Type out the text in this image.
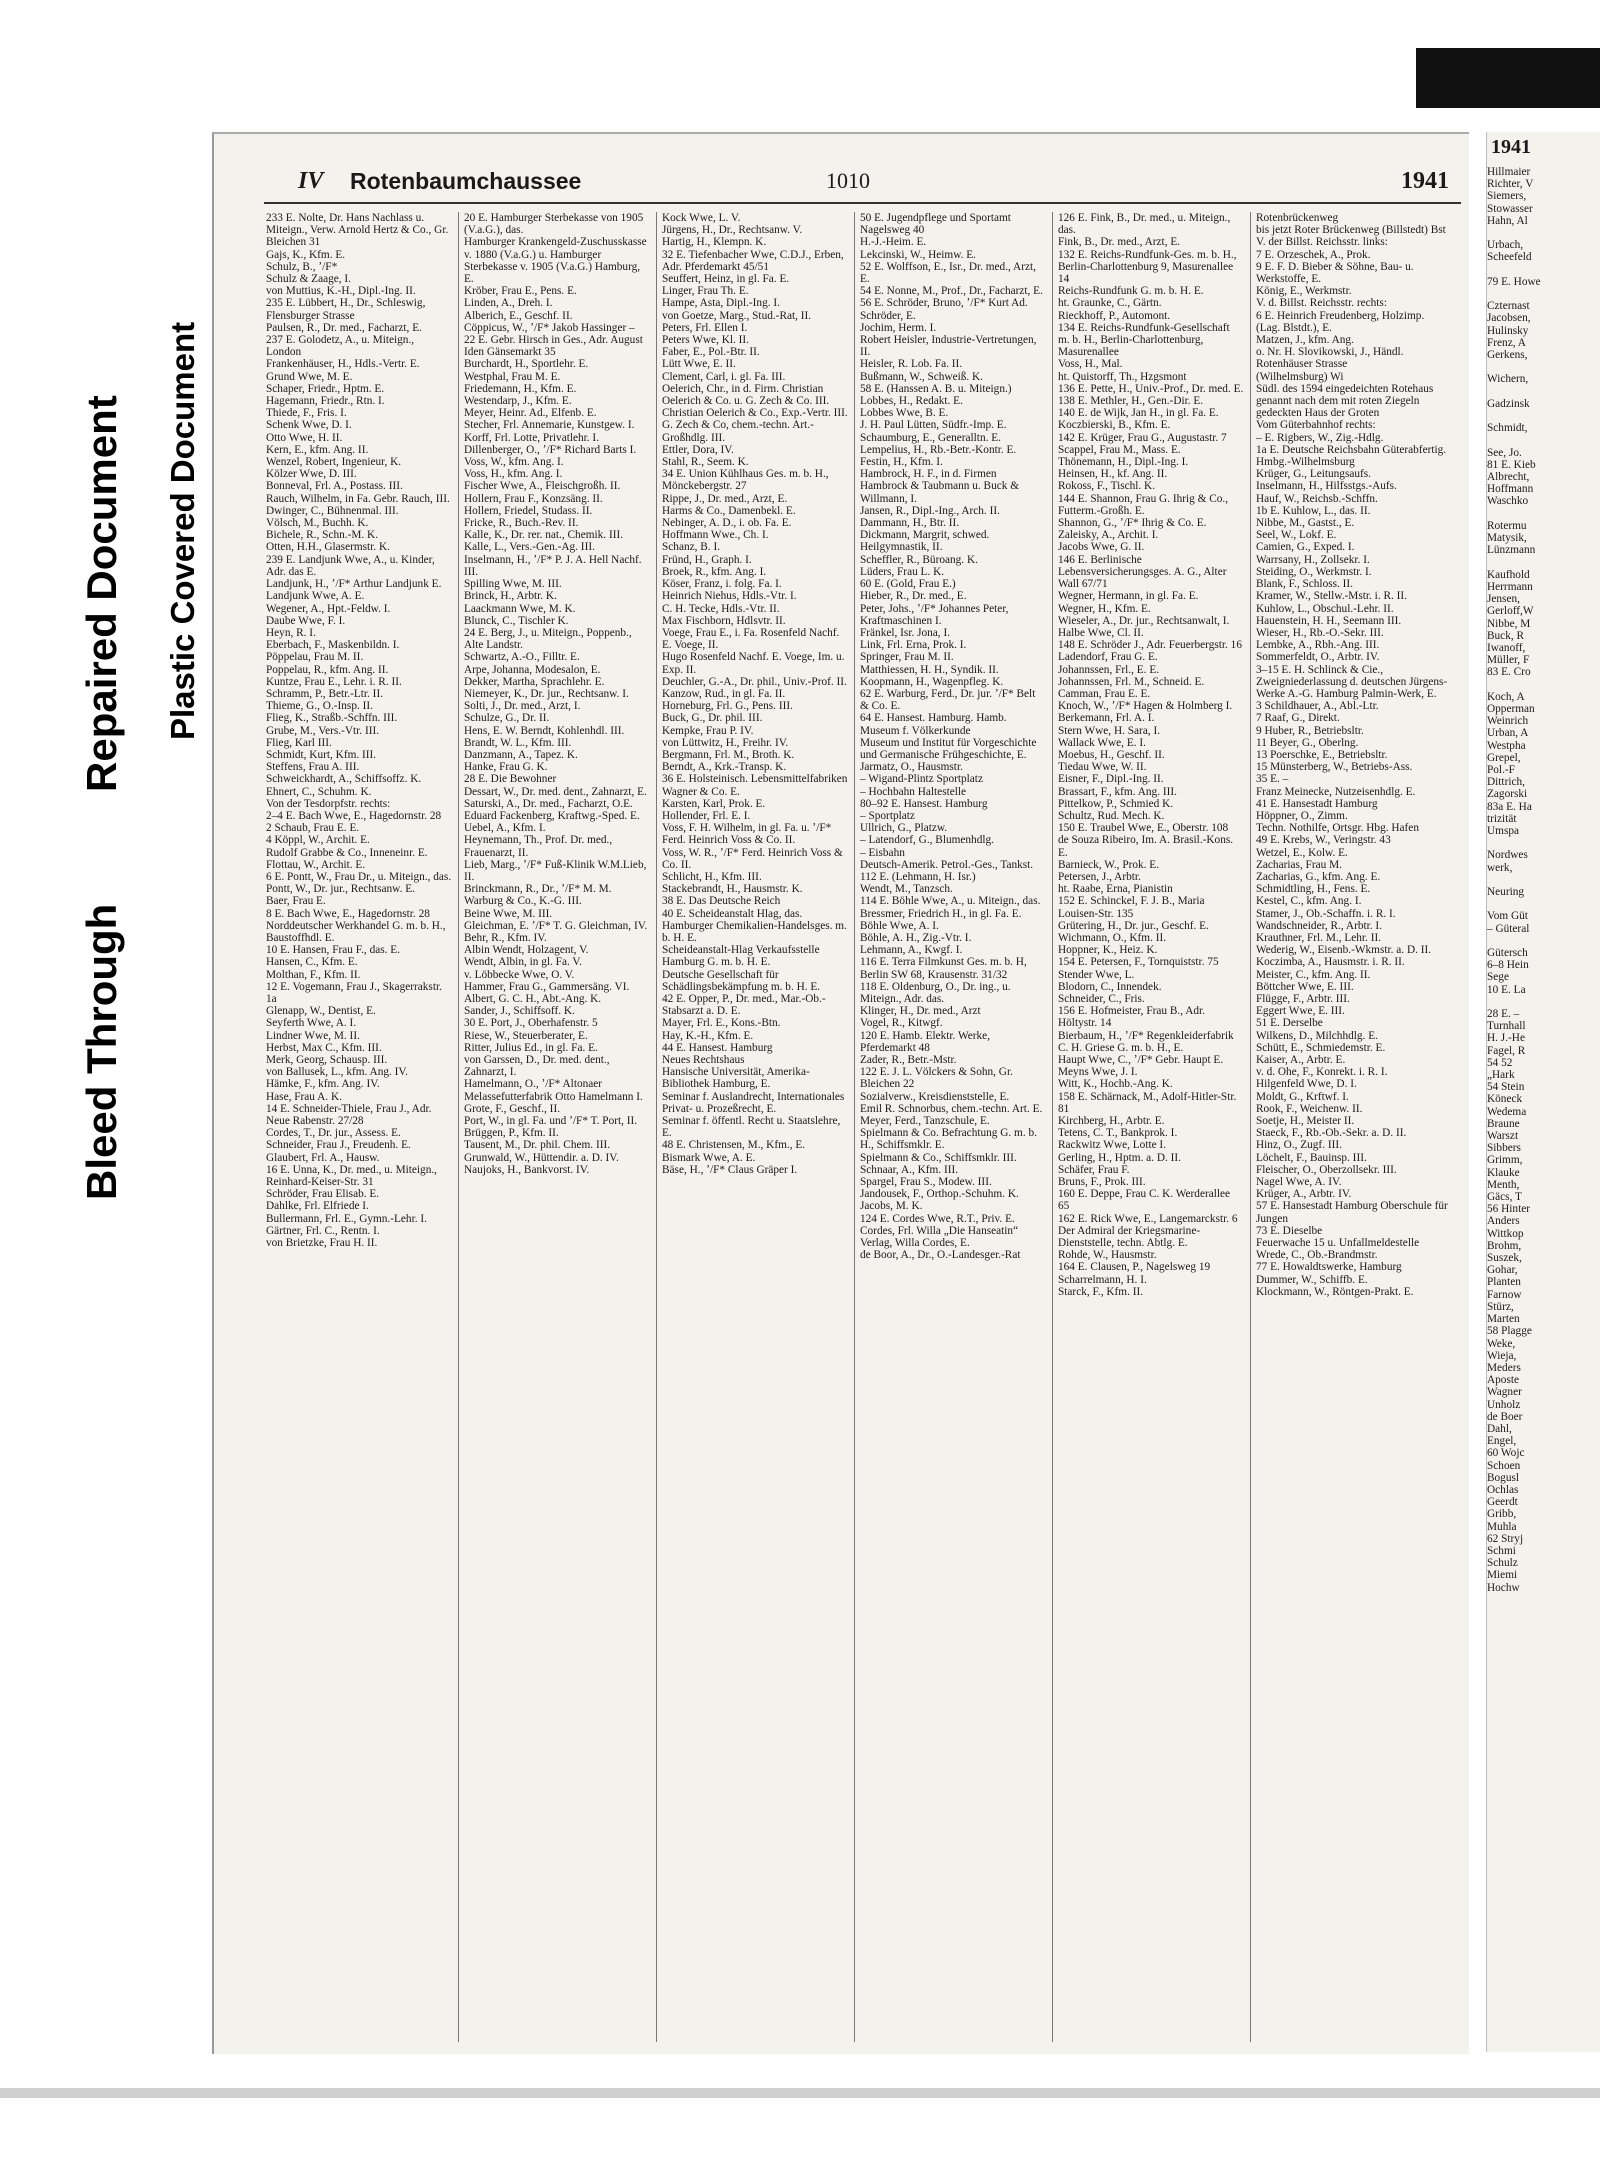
Bleed Through
Repaired Document Plastic Covered Document
IV Rotenbaumchaussee	1010	1941
233 E. Nolte, Dr. Hans Nachlass u. Miteign., Verw. Arnold Hertz & Co., Gr. Bleichen 31
Gajs, K., Kfm. E.
Schulz, B., ʼ/F*
Schulz & Zaage, I.
von Muttius, K.-H., Dipl.-Ing. II.
235 E. Lübbert, H., Dr., Schleswig, Flensburger Strasse
Paulsen, R., Dr. med., Facharzt, E.
237 E. Golodetz, A., u. Miteign., London
Frankenhäuser, H., Hdls.-Vertr. E.
Grund Wwe, M. E.
Schaper, Friedr., Hptm. E.
Hagemann, Friedr., Rtn. I.
Thiede, F., Fris. I.
Schenk Wwe, D. I.
Otto Wwe, H. II.
Kern, E., kfm. Ang. II.
Wenzel, Robert, Ingenieur, K.
Kölzer Wwe, D. III.
Bonneval, Frl. A., Postass. III.
Rauch, Wilhelm, in Fa. Gebr. Rauch, III.
Dwinger, C., Bühnenmal. III.
Völsch, M., Buchh. K.
Bichele, R., Schn.-M. K.
Otten, H.H., Glasermstr. K.
239 E. Landjunk Wwe, A., u. Kinder, Adr. das E.
Landjunk, H., ʼ/F* Arthur Landjunk E.
Landjunk Wwe, A. E.
Wegener, A., Hpt.-Feldw. I.
Daube Wwe, F. I.
Heyn, R. I.
Eberbach, F., Maskenbildn. I.
Pöppelau, Frau M. II.
Poppelau, R., kfm. Ang. II.
Kuntze, Frau E., Lehr. i. R. II.
Schramm, P., Betr.-Ltr. II.
Thieme, G., O.-Insp. II.
Flieg, K., Straßb.-Schffn. III.
Grube, M., Vers.-Vtr. III.
Flieg, Karl III.
Schmidt, Kurt, Kfm. III.
Steffens, Frau A. III.
Schweickhardt, A., Schiffsoffz. K.
Ehnert, C., Schuhm. K.
Von der Tesdorpfstr. rechts:
2–4 E. Bach Wwe, E., Hagedornstr. 28
2 Schaub, Frau E. E.
4 Köppl, W., Archit. E.
Rudolf Grabbe & Co., Inneneinr. E.
Flottau, W., Archit. E.
6 E. Pontt, W., Frau Dr., u. Miteign., das.
Pontt, W., Dr. jur., Rechtsanw. E.
Baer, Frau E.
8 E. Bach Wwe, E., Hagedornstr. 28
Norddeutscher Werkhandel G. m. b. H., Baustoffhdl. E.
10 E. Hansen, Frau F., das. E.
Hansen, C., Kfm. E.
Molthan, F., Kfm. II.
12 E. Vogemann, Frau J., Skagerrakstr. 1a
Glenapp, W., Dentist, E.
Seyferth Wwe, A. I.
Lindner Wwe, M. II.
Herbst, Max C., Kfm. III.
Merk, Georg, Schausp. III.
von Ballusek, L., kfm. Ang. IV.
Hämke, F., kfm. Ang. IV.
Hase, Frau A. K.
14 E. Schneider-Thiele, Frau J., Adr. Neue Rabenstr. 27/28
Cordes, T., Dr. jur., Assess. E.
Schneider, Frau J., Freudenh. E.
Glaubert, Frl. A., Hausw.
16 E. Unna, K., Dr. med., u. Miteign., Reinhard-Keiser-Str. 31
Schröder, Frau Elisab. E.
Dahlke, Frl. Elfriede I.
Bullermann, Frl. E., Gymn.-Lehr. I.
Gärtner, Frl. C., Rentn. I.
von Brietzke, Frau H. II.
20 E. Hamburger Sterbekasse von 1905 (V.a.G.), das.
Hamburger Krankengeld-Zuschusskasse v. 1880 (V.a.G.) u. Hamburger Sterbekasse v. 1905 (V.a.G.) Hamburg, E.
Kröber, Frau E., Pens. E.
Linden, A., Dreh. I.
Alberich, E., Geschf. II.
Cöppicus, W., ʼ/F* Jakob Hassinger –
22 E. Gebr. Hirsch in Ges., Adr. August Iden Gänsemarkt 35
Burchardt, H., Sportlehr. E.
Westphal, Frau M. E.
Friedemann, H., Kfm. E.
Westendarp, J., Kfm. E.
Meyer, Heinr. Ad., Elfenb. E.
Stecher, Frl. Annemarie, Kunstgew. I.
Korff, Frl. Lotte, Privatlehr. I.
Dillenberger, O., ʼ/F* Richard Barts I.
Voss, W., kfm. Ang. I.
Voss, H., kfm. Ang. I.
Fischer Wwe, A., Fleischgroßh. II.
Hollern, Frau F., Konzsäng. II.
Hollern, Friedel, Studass. II.
Fricke, R., Buch.-Rev. II.
Kalle, K., Dr. rer. nat., Chemik. III.
Kalle, L., Vers.-Gen.-Ag. III.
Inselmann, H., ʼ/F* P. J. A. Hell Nachf. III.
Spilling Wwe, M. III.
Brinck, H., Arbtr. K.
Laackmann Wwe, M. K.
Blunck, C., Tischler K.
24 E. Berg, J., u. Miteign., Poppenb., Alte Landstr.
Schwartz, A.-O., Filltr. E.
Arpe, Johanna, Modesalon, E.
Dekker, Martha, Sprachlehr. E.
Niemeyer, K., Dr. jur., Rechtsanw. I.
Solti, J., Dr. med., Arzt, I.
Schulze, G., Dr. II.
Hens, E. W. Berndt, Kohlenhdl. III.
Brandt, W. L., Kfm. III.
Danzmann, A., Tapez. K.
Hanke, Frau G. K.
28 E. Die Bewohner
Dessart, W., Dr. med. dent., Zahnarzt, E.
Saturski, A., Dr. med., Facharzt, O.E.
Eduard Fackenberg, Kraftwg.-Sped. E.
Uebel, A., Kfm. I.
Heynemann, Th., Prof. Dr. med., Frauenarzt, II.
Lieb, Marg., ʼ/F* Fuß-Klinik W.M.Lieb, II.
Brinckmann, R., Dr., ʼ/F* M. M. Warburg & Co., K.-G. III.
Beine Wwe, M. III.
Gleichman, E. ʼ/F* T. G. Gleichman, IV.
Behr, R., Kfm. IV.
Albin Wendt, Holzagent, V.
Wendt, Albin, in gl. Fa. V.
v. Löbbecke Wwe, O. V.
Hammer, Frau G., Gammersäng. VI.
Albert, G. C. H., Abt.-Ang. K.
Sander, J., Schiffsoff. K.
30 E. Port, J., Oberhafenstr. 5
Riese, W., Steuerberater, E.
Ritter, Julius Ed., in gl. Fa. E.
von Garssen, D., Dr. med. dent., Zahnarzt, I.
Hamelmann, O., ʼ/F* Altonaer Melassefutterfabrik Otto Hamelmann I.
Grote, F., Geschf., II.
Port, W., in gl. Fa. und ʼ/F* T. Port, II.
Brüggen, P., Kfm. II.
Tausent, M., Dr. phil. Chem. III.
Grunwald, W., Hüttendir. a. D. IV.
Naujoks, H., Bankvorst. IV.
Kock Wwe, L. V.
Jürgens, H., Dr., Rechtsanw. V.
Hartig, H., Klempn. K.
32 E. Tiefenbacher Wwe, C.D.J., Erben, Adr. Pferdemarkt 45/51
Seuffert, Heinz, in gl. Fa. E.
Linger, Frau Th. E.
Hampe, Asta, Dipl.-Ing. I.
von Goetze, Marg., Stud.-Rat, II.
Peters, Frl. Ellen I.
Peters Wwe, Kl. II.
Faber, E., Pol.-Btr. II.
Lütt Wwe, E. II.
Clement, Carl, i. gl. Fa. III.
Oelerich, Chr., in d. Firm. Christian Oelerich & Co. u. G. Zech & Co. III.
Christian Oelerich & Co., Exp.-Vertr. III.
G. Zech & Co, chem.-techn. Art.-Großhdlg. III.
Ettler, Dora, IV.
Stahl, R., Seem. K.
34 E. Union Kühlhaus Ges. m. b. H., Mönckebergstr. 27
Rippe, J., Dr. med., Arzt, E.
Harms & Co., Damenbekl. E.
Nebinger, A. D., i. ob. Fa. E.
Hoffmann Wwe., Ch. I.
Schanz, B. I.
Fründ, H., Graph. I.
Broek, R., kfm. Ang. I.
Köser, Franz, i. folg. Fa. I.
Heinrich Niehus, Hdls.-Vtr. I.
C. H. Tecke, Hdls.-Vtr. II.
Max Fischborn, Hdlsvtr. II.
Voege, Frau E., i. Fa. Rosenfeld Nachf. E. Voege, II.
Hugo Rosenfeld Nachf. E. Voege, Im. u. Exp. II.
Deuchler, G.-A., Dr. phil., Univ.-Prof. II.
Kanzow, Rud., in gl. Fa. II.
Horneburg, Frl. G., Pens. III.
Buck, G., Dr. phil. III.
Kempke, Frau P. IV.
von Lüttwitz, H., Freihr. IV.
Bergmann, Frl. M., Broth. K.
Berndt, A., Krk.-Transp. K.
36 E. Holsteinisch. Lebensmittelfabriken Wagner & Co. E.
Karsten, Karl, Prok. E.
Hollender, Frl. E. I.
Voss, F. H. Wilhelm, in gl. Fa. u. ʼ/F* Ferd. Heinrich Voss & Co. II.
Voss, W. R., ʼ/F* Ferd. Heinrich Voss & Co. II.
Schlicht, H., Kfm. III.
Stackebrandt, H., Hausmstr. K.
38 E. Das Deutsche Reich
40 E. Scheideanstalt Hlag, das.
Hamburger Chemikalien-Handelsges. m. b. H. E.
Scheideanstalt-Hlag Verkaufsstelle Hamburg G. m. b. H. E.
Deutsche Gesellschaft für Schädlingsbekämpfung m. b. H. E.
42 E. Opper, P., Dr. med., Mar.-Ob.-Stabsarzt a. D. E.
Mayer, Frl. E., Kons.-Btn.
Hay, K.-H., Kfm. E.
44 E. Hansest. Hamburg
Neues Rechtshaus
Hansische Universität, Amerika-Bibliothek Hamburg, E.
Seminar f. Auslandrecht, Internationales Privat- u. Prozeßrecht, E.
Seminar f. öffentl. Recht u. Staatslehre, E.
48 E. Christensen, M., Kfm., E.
Bismark Wwe, A. E.
Bäse, H., ʼ/F* Claus Gräper I.
50 E. Jugendpflege und Sportamt Nagelsweg 40
H.-J.-Heim. E.
Lekcinski, W., Heimw. E.
52 E. Wolffson, E., Isr., Dr. med., Arzt, E.
54 E. Nonne, M., Prof., Dr., Facharzt, E.
56 E. Schröder, Bruno, ʼ/F* Kurt Ad. Schröder, E.
Jochim, Herm. I.
Robert Heisler, Industrie-Vertretungen, II.
Heisler, R. Lob. Fa. II.
Bußmann, W., Schweiß. K.
58 E. (Hanssen A. B. u. Miteign.)
Lobbes, H., Redakt. E.
Lobbes Wwe, B. E.
J. H. Paul Lütten, Südfr.-Imp. E.
Schaumburg, E., Generalltn. E.
Lempelius, H., Rb.-Betr.-Kontr. E.
Festin, H., Kfm. I.
Hambrock, H. F., in d. Firmen Hambrock & Taubmann u. Buck & Willmann, I.
Jansen, R., Dipl.-Ing., Arch. II.
Dammann, H., Btr. II.
Dickmann, Margrit, schwed. Heilgymnastik, II.
Scheffler, R., Büroang. K.
Lüders, Frau L. K.
60 E. (Gold, Frau E.)
Hieber, R., Dr. med., E.
Peter, Johs., ʼ/F* Johannes Peter, Kraftmaschinen I.
Fränkel, Isr. Jona, I.
Link, Frl. Erna, Prok. I.
Springer, Frau M. II.
Matthiessen, H. H., Syndik. II.
Koopmann, H., Wagenpfleg. K.
62 E. Warburg, Ferd., Dr. jur. ʼ/F* Belt & Co. E.
64 E. Hansest. Hamburg. Hamb. Museum f. Völkerkunde
Museum und Institut für Vorgeschichte und Germanische Frühgeschichte, E.
Jarmatz, O., Hausmstr.
– Wigand-Plintz Sportplatz
– Hochbahn Haltestelle
80–92 E. Hansest. Hamburg
– Sportplatz
Ullrich, G., Platzw.
– Latendorf, G., Blumenhdlg.
– Eisbahn
Deutsch-Amerik. Petrol.-Ges., Tankst.
112 E. (Lehmann, H. Isr.)
Wendt, M., Tanzsch.
114 E. Böhle Wwe, A., u. Miteign., das.
Bressmer, Friedrich H., in gl. Fa. E.
Böhle Wwe, A. I.
Böhle, A. H., Zig.-Vtr. I.
Lehmann, A., Kwgf. I.
116 E. Terra Filmkunst Ges. m. b. H, Berlin SW 68, Krausenstr. 31/32
118 E. Oldenburg, O., Dr. ing., u. Miteign., Adr. das.
Klinger, H., Dr. med., Arzt
Vogel, R., Kitwgf.
120 E. Hamb. Elektr. Werke, Pferdemarkt 48
Zader, R., Betr.-Mstr.
122 E. J. L. Völckers & Sohn, Gr. Bleichen 22
Sozialverw., Kreisdienststelle, E.
Emil R. Schnorbus, chem.-techn. Art. E.
Meyer, Ferd., Tanzschule, E.
Spielmann & Co. Befrachtung G. m. b. H., Schiffsmklr. E.
Spielmann & Co., Schiffsmklr. III.
Schnaar, A., Kfm. III.
Spargel, Frau S., Modew. III.
Jandousek, F., Orthop.-Schuhm. K.
Jacobs, M. K.
124 E. Cordes Wwe, R.T., Priv. E.
Cordes, Frl. Willa „Die Hanseatin“ Verlag, Willa Cordes, E.
de Boor, A., Dr., O.-Landesger.-Rat
126 E. Fink, B., Dr. med., u. Miteign., das.
Fink, B., Dr. med., Arzt, E.
132 E. Reichs-Rundfunk-Ges. m. b. H., Berlin-Charlottenburg 9, Masurenallee 14
Reichs-Rundfunk G. m. b. H. E.
ht. Graunke, C., Gärtn.
Rieckhoff, P., Automont.
134 E. Reichs-Rundfunk-Gesellschaft m. b. H., Berlin-Charlottenburg, Masurenallee
Voss, H., Mal.
ht. Quistorff, Th., Hzgsmont
136 E. Pette, H., Univ.-Prof., Dr. med. E.
138 E. Methler, H., Gen.-Dir. E.
140 E. de Wijk, Jan H., in gl. Fa. E.
Koczbierski, B., Kfm. E.
142 E. Krüger, Frau G., Augustastr. 7
Scappel, Frau M., Mass. E.
Thönemann, H., Dipl.-Ing. I.
Heinsen, H., kf. Ang. II.
Rokoss, F., Tischl. K.
144 E. Shannon, Frau G. Ihrig & Co., Futterm.-Großh. E.
Shannon, G., ʼ/F* Ihrig & Co. E.
Zaleisky, A., Archit. I.
Jacobs Wwe, G. II.
146 E. Berlinische Lebensversicherungsges. A. G., Alter Wall 67/71
Wegner, Hermann, in gl. Fa. E.
Wegner, H., Kfm. E.
Wieseler, A., Dr. jur., Rechtsanwalt, I.
Halbe Wwe, Cl. II.
148 E. Schröder J., Adr. Feuerbergstr. 16
Ladendorf, Frau G. E.
Johannssen, Frl., E. E.
Johannssen, Frl. M., Schneid. E.
Camman, Frau E. E.
Knoch, W., ʼ/F* Hagen & Holmberg I.
Berkemann, Frl. A. I.
Stern Wwe, H. Sara, I.
Wallack Wwe, E. I.
Moebus, H., Geschf. II.
Tiedau Wwe, W. II.
Eisner, F., Dipl.-Ing. II.
Brassart, F., kfm. Ang. III.
Pittelkow, P., Schmied K.
Schultz, Rud. Mech. K.
150 E. Traubel Wwe, E., Oberstr. 108
de Souza Ribeiro, Im. A. Brasil.-Kons. E.
Barnieck, W., Prok. E.
Petersen, J., Arbtr.
ht. Raabe, Erna, Pianistin
152 E. Schinckel, F. J. B., Maria Louisen-Str. 135
Grütering, H., Dr. jur., Geschf. E.
Wichmann, O., Kfm. II.
Hoppner, K., Heiz. K.
154 E. Petersen, F., Tornquiststr. 75
Stender Wwe, L.
Blodorn, C., Innendek.
Schneider, C., Fris.
156 E. Hofmeister, Frau B., Adr. Höltystr. 14
Bierbaum, H., ʼ/F* Regenkleiderfabrik C. H. Griese G. m. b. H., E.
Haupt Wwe, C., ʼ/F* Gebr. Haupt E.
Meyns Wwe, J. I.
Witt, K., Hochb.-Ang. K.
158 E. Schärnack, M., Adolf-Hitler-Str. 81
Kirchberg, H., Arbtr. E.
Tetens, C. T., Bankprok. I.
Rackwitz Wwe, Lotte I.
Gerling, H., Hptm. a. D. II.
Schäfer, Frau F.
Bruns, F., Prok. III.
160 E. Deppe, Frau C. K. Werderallee 65
162 E. Rick Wwe, E., Langemarckstr. 6
Der Admiral der Kriegsmarine-Dienststelle, techn. Abtlg. E.
Rohde, W., Hausmstr.
164 E. Clausen, P., Nagelsweg 19
Scharrelmann, H. I.
Starck, F., Kfm. II.
Rotenbrückenweg
bis jetzt Roter Brückenweg (Billstedt) Bst
V. der Billst. Reichsstr. links:
7 E. Orzeschek, A., Prok.
9 E. F. D. Bieber & Söhne, Bau- u. Werkstoffe, E.
König, E., Werkmstr.
V. d. Billst. Reichsstr. rechts:
6 E. Heinrich Freudenberg, Holzimp.
(Lag. Blstdt.), E.
Matzen, J., kfm. Ang.
o. Nr. H. Slovikowski, J., Händl.
Rotenhäuser Strasse
(Wilhelmsburg) Wi
Südl. des 1594 eingedeichten Rotehaus genannt nach dem mit roten Ziegeln gedeckten Haus der Groten
Vom Güterbahnhof rechts:
– E. Rigbers, W., Zig.-Hdlg.
1a E. Deutsche Reichsbahn Güterabfertig. Hmbg.-Wilhelmsburg
Krüger, G., Leitungsaufs.
Inselmann, H., Hilfsstgs.-Aufs.
Hauf, W., Reichsb.-Schffn.
1b E. Kuhlow, L., das. II.
Nibbe, M., Gastst., E.
Seel, W., Lokf. E.
Camien, G., Exped. I.
Warrsany, H., Zollsekr. I.
Steiding, O., Werkmstr. I.
Blank, F., Schloss. II.
Kramer, W., Stellw.-Mstr. i. R. II.
Kuhlow, L., Obschul.-Lehr. II.
Hauenstein, H. H., Seemann III.
Wieser, H., Rb.-O.-Sekr. III.
Lembke, A., Rbh.-Ang. III.
Sommerfeldt, O., Arbtr. IV.
3–15 E. H. Schlinck & Cie., Zweigniederlassung d. deutschen Jürgens-Werke A.-G. Hamburg Palmin-Werk, E.
3 Schildhauer, A., Abl.-Ltr.
7 Raaf, G., Direkt.
9 Huber, R., Betriebsltr.
11 Beyer, G., Oberlng.
13 Poerschke, E., Betriebsltr.
15 Münsterberg, W., Betriebs-Ass.
35 E. –
Franz Meinecke, Nutzeisenhdlg. E.
41 E. Hansestadt Hamburg
Höppner, O., Zimm.
Techn. Nothilfe, Ortsgr. Hbg. Hafen
49 E. Krebs, W., Veringstr. 43
Wetzel, E., Kolw. E.
Zacharias, Frau M.
Zacharias, G., kfm. Ang. E.
Schmidtling, H., Fens. E.
Kestel, C., kfm. Ang. I.
Stamer, J., Ob.-Schaffn. i. R. I.
Wandschneider, R., Arbtr. I.
Krauthner, Frl. M., Lehr. II.
Wederig, W., Eisenb.-Wkmstr. a. D. II.
Koczimba, A., Hausmstr. i. R. II.
Meister, C., kfm. Ang. II.
Böttcher Wwe, E. III.
Flügge, F., Arbtr. III.
Eggert Wwe, E. III.
51 E. Derselbe
Wilkens, D., Milchhdlg. E.
Schütt, E., Schmiedemstr. E.
Kaiser, A., Arbtr. E.
v. d. Ohe, F., Konrekt. i. R. I.
Hilgenfeld Wwe, D. I.
Moldt, G., Krftwf. I.
Rook, F., Weichenw. II.
Soetje, H., Meister II.
Staeck, F., Rb.-Ob.-Sekr. a. D. II.
Hinz, O., Zugf. III.
Löchelt, F., Bauinsp. III.
Fleischer, O., Oberzollsekr. III.
Nagel Wwe, A. IV.
Krüger, A., Arbtr. IV.
57 E. Hansestadt Hamburg Oberschule für Jungen
73 E. Dieselbe
Feuerwache 15 u. Unfallmeldestelle
Wrede, C., Ob.-Brandmstr.
77 E. Howaldtswerke, Hamburg
Dummer, W., Schiffb. E.
Klockmann, W., Röntgen-Prakt. E.
1941
Hillmaier
Richter, V
Siemers,
Stowasser
Hahn, Al

Urbach,
Scheefeld

79 E. Howe

Czternast
Jacobsen,
Hulinsky
Frenz, A
Gerkens,

Wichern,

Gadzinsk

Schmidt,

See, Jo.
81 E. Kieb
Albrecht,
Hoffmann
Waschko

Rotermu
Matysik,
Lünzmann

Kaufhold
Herrmann
Jensen,
Gerloff,W
Nibbe, M
Buck, R
Iwanoff,
Müller, F
83 E. Cro

Koch, A
Opperman
Weinrich
Urban, A
Westpha
Grepel,
Pol.-F
Dittrich,
Zagorski
83a E. Ha
trizität
Umspa

Nordwes
werk,

Neuring

Vom Güt
– Güteral

Gütersch
6–8 Hein
Sege
10 E. La

28 E. –
Turnhall
H. J.-He
Fagel, R
54 52
„Hark
54 Stein
Köneck
Wedema
Braune
Warszt
Sibbers
Grimm,
Klauke
Menth,
Gäcs, T
56 Hinter
Anders
Wittkop
Brohm,
Suszek,
Gohar,
Planten
Farnow
Stürz,
Marten
58 Plagge
Weke,
Wieja,
Meders
Aposte
Wagner
Unholz
de Boer
Dahl,
Engel,
60 Wojc
Schoen
Bogusl
Ochlas
Geerdt
Gribb,
Muhla
62 Stryj
Schmi
Schulz
Miemi
Hochw
